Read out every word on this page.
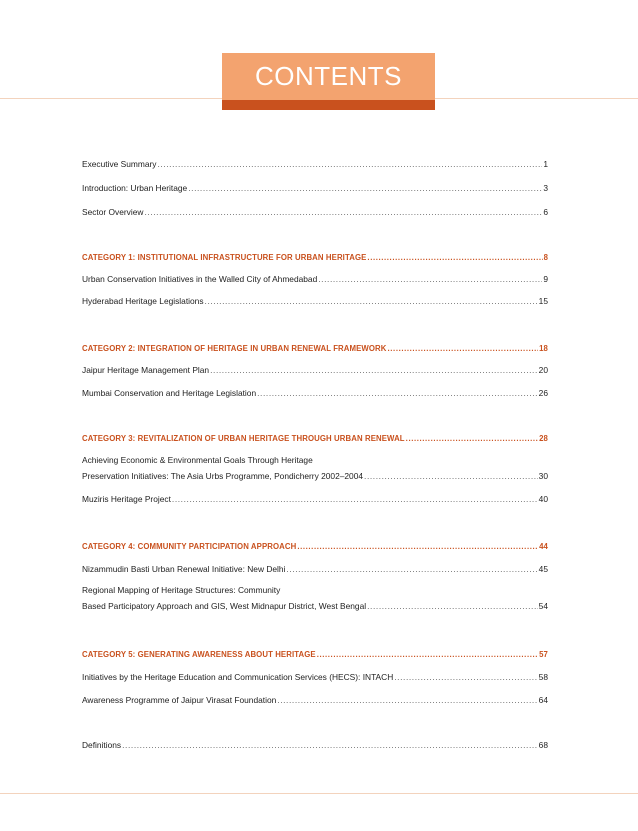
CONTENTS
Executive Summary .....	1
Introduction: Urban Heritage .....	3
Sector Overview .....	6
CATEGORY 1: INSTITUTIONAL INFRASTRUCTURE FOR URBAN HERITAGE .....	8
Urban Conservation Initiatives in the Walled City of Ahmedabad .....	9
Hyderabad Heritage Legislations .....	15
CATEGORY 2: INTEGRATION OF HERITAGE IN URBAN RENEWAL FRAMEWORK .....	18
Jaipur Heritage Management Plan .....	20
Mumbai Conservation and Heritage Legislation .....	26
CATEGORY 3: REVITALIZATION OF URBAN HERITAGE THROUGH URBAN RENEWAL .....	28
Achieving Economic & Environmental Goals Through Heritage
Preservation Initiatives: The Asia Urbs Programme, Pondicherry 2002–2004 .....	30
Muziris Heritage Project .....	40
CATEGORY 4: COMMUNITY PARTICIPATION APPROACH .....	44
Nizammudin Basti Urban Renewal Initiative: New Delhi .....	45
Regional Mapping of Heritage Structures: Community
Based Participatory Approach and GIS, West Midnapur District, West Bengal .....	54
CATEGORY 5: GENERATING AWARENESS ABOUT HERITAGE .....	57
Initiatives by the Heritage Education and Communication Services (HECS): INTACH .....	58
Awareness Programme of Jaipur Virasat Foundation .....	64
Definitions .....	68
